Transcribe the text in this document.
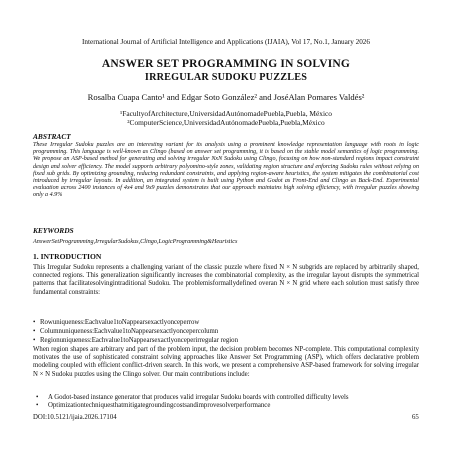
International Journal of Artificial Intelligence and Applications (IJAIA), Vol 17, No.1, January 2026

ANSWER SET PROGRAMMING IN SOLVING

IRREGULAR SUDOKU PUZZLES

Rosalba Cuapa Canto¹ and Edgar Soto González² and JoséAlan Pomares Valdés²

¹FacultyofArchitecture,UniversidadAutónomadePuebla,Puebla, México

²ComputerScience,UniversidadAutónomadePuebla,Puebla,México

ABSTRACT

These Irregular Sudoku puzzles are an interesting variant for its analysis using a prominent knowledge representation language with roots in logic programming. This language is well-known as Clingo (based on answer set programming, it is based on the stable model semantics of logic programming. We propose an ASP-based method for generating and solving irregular NxN Sudoku using Clingo, focusing on how non-standard regions impact constraint design and solver efficiency. The model supports arbitrary polyomino-style zones, validating region structure and enforcing Sudoku rules without relying on fixed sub grids. By optimizing grounding, reducing redundant constraints, and applying region-aware heuristics, the system mitigates the combinatorial cost introduced by irregular layouts. In addition, an integrated system is built using Python and Godot as Front-End and Clingo as Back-End. Experimental evaluation across 2400 instances of 4x4 and 9x9 puzzles demonstrates that our approach maintains high solving efficiency, with irregular puzzles showing only a 4.9%

KEYWORDS

AnswerSetProgramming,IrregularSudokus,Clingo,LogicProgramming&Heuristics

1. INTRODUCTION

This Irregular Sudoku represents a challenging variant of the classic puzzle where fixed N × N subgrids are replaced by arbitrarily shaped, connected regions. This generalization significantly increases the combinatorial complexity, as the irregular layout disrupts the symmetrical patterns that facilitatesolvingintraditional Sudoku. The problemisformallydefined overan N × N grid where each solution must satisfy three fundamental constraints:

• Rowuniqueness:Eachvalue1toNappearsexactlyonceperrow
• Columnuniqueness:Eachvalue1toNappearsexactlyoncepercolumn
• Regionuniqueness:Eachvalue1toNappearsexactlyonceperirregular region

When region shapes are arbitrary and part of the problem input, the decision problem becomes NP-complete. This computational complexity motivates the use of sophisticated constraint solving approaches like Answer Set Programming (ASP), which offers declarative problem modeling coupled with efficient conflict-driven search. In this work, we present a comprehensive ASP-based framework for solving irregular N × N Sudoku puzzles using the Clingo solver. Our main contributions include:

•	A Godot-based instance generator that produces valid irregular Sudoku boards with controlled difficulty levels
•	Optimizationtechniquesthatmitigategroundingcostsandimprovesolverperformance

DOI:10.5121/ijaia.2026.17104	65
